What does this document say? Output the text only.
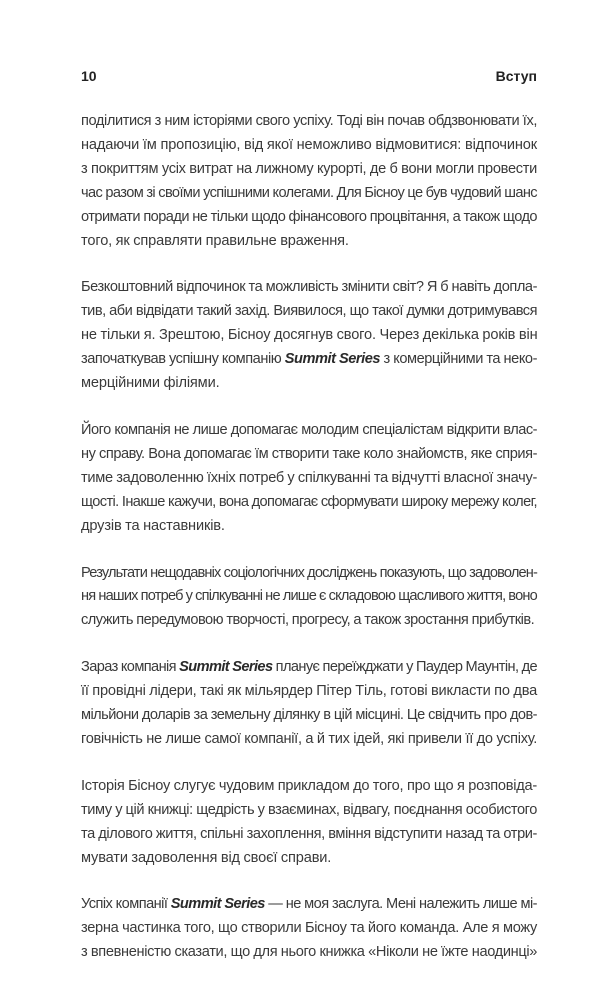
10	Вступ

поділитися з ним історіями свого успіху. Тоді він почав обдзвонювати їх,
надаючи їм пропозицію, від якої неможливо відмовитися: відпочинок
з покриттям усіх витрат на лижному курорті, де б вони могли провести
час разом зі своїми успішними колегами. Для Бісноу це був чудовий шанс
отримати поради не тільки щодо фінансового процвітання, а також щодо
того, як справляти правильне враження.

Безкоштовний відпочинок та можливість змінити світ? Я б навіть допла-
тив, аби відвідати такий захід. Виявилося, що такої думки дотримувався
не тільки я. Зрештою, Бісноу досягнув свого. Через декілька років він
започаткував успішну компанію Summit Series з комерційними та неко-
мерційними філіями.

Його компанія не лише допомагає молодим спеціалістам відкрити влас-
ну справу. Вона допомагає їм створити таке коло знайомств, яке сприя-
тиме задоволенню їхніх потреб у спілкуванні та відчутті власної значу-
щості. Інакше кажучи, вона допомагає сформувати широку мережу колег,
друзів та наставників.

Результати нещодавніх соціологічних досліджень показують, що задоволен-
ня наших потреб у спілкуванні не лише є складовою щасливого життя, воно
служить передумовою творчості, прогресу, а також зростання прибутків.

Зараз компанія Summit Series планує переїжджати у Паудер Маунтін, де
її провідні лідери, такі як мільярдер Пітер Тіль, готові викласти по два
мільйони доларів за земельну ділянку в цій місцині. Це свідчить про дов-
говічність не лише самої компанії, а й тих ідей, які привели її до успіху.

Історія Бісноу слугує чудовим прикладом до того, про що я розповіда-
тиму у цій книжці: щедрість у взаєминах, відвагу, поєднання особистого
та ділового життя, спільні захоплення, вміння відступити назад та отри-
мувати задоволення від своєї справи.

Успіх компанії Summit Series — не моя заслуга. Мені належить лише мі-
зерна частинка того, що створили Бісноу та його команда. Але я можу
з впевненістю сказати, що для нього книжка «Ніколи не їжте наодинці»
